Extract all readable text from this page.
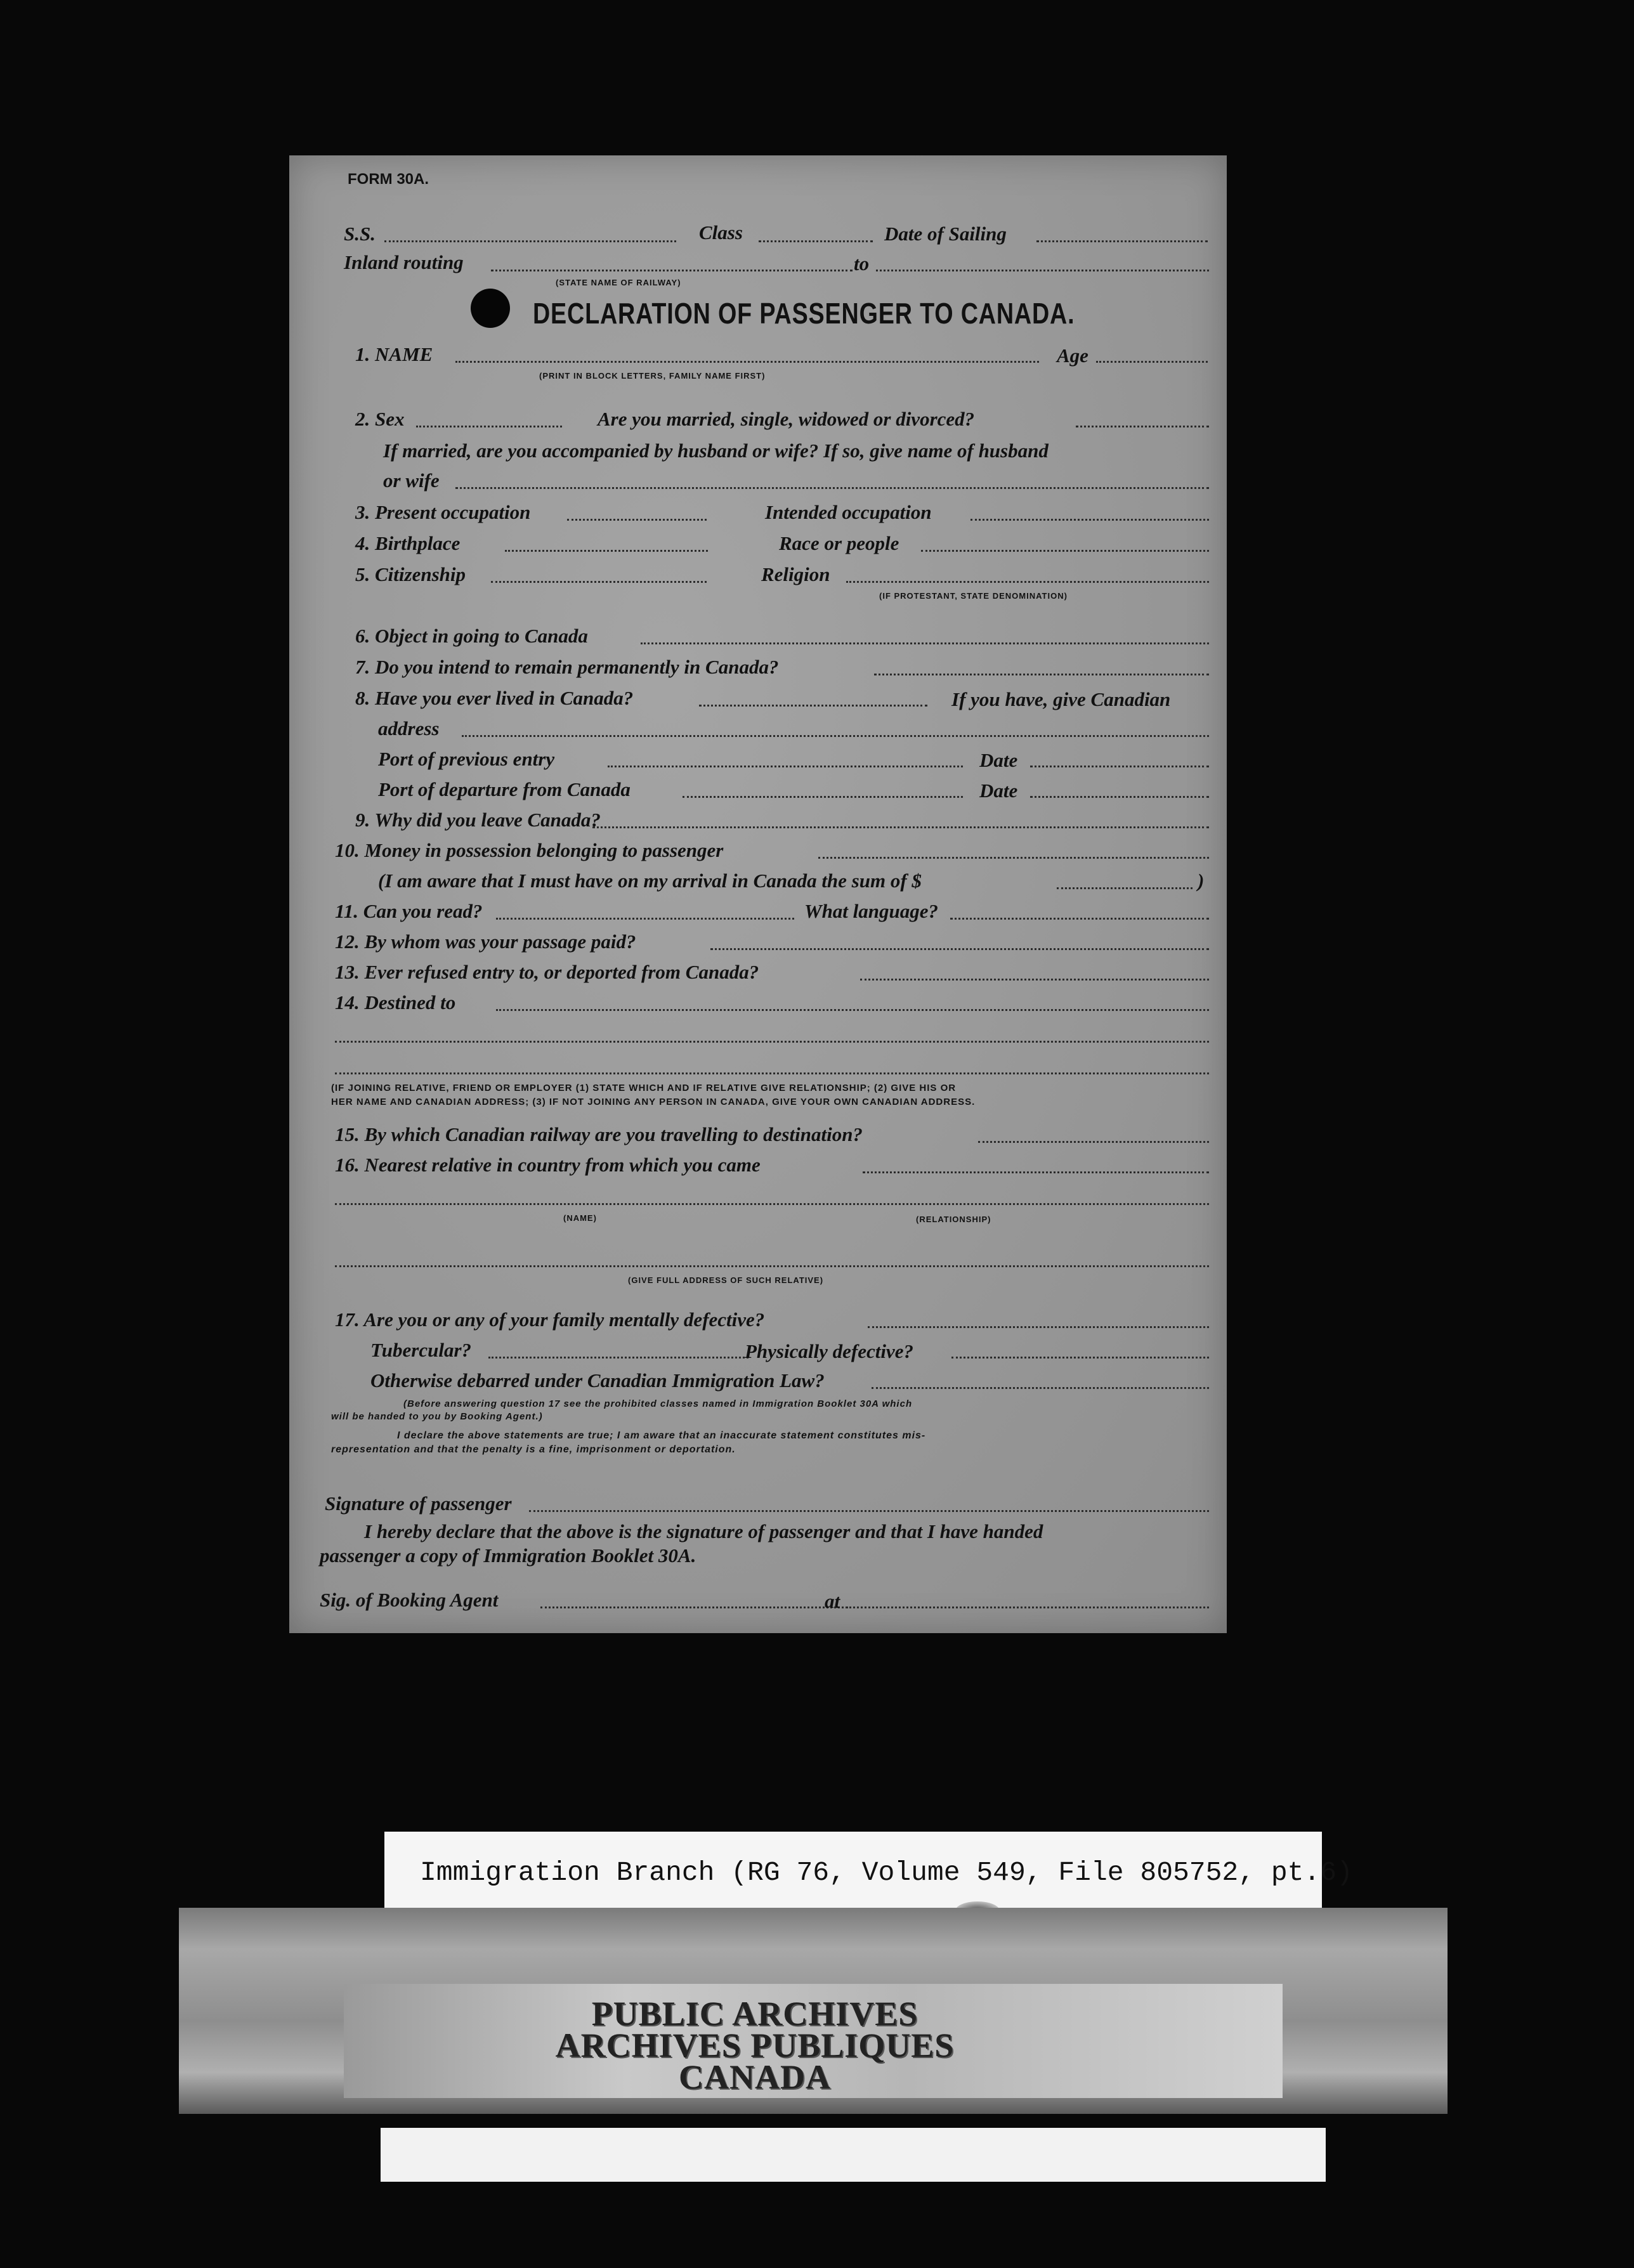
FORM 30A.
S.S.	Class	Date of Sailing
Inland routing	to
(STATE NAME OF RAILWAY)
DECLARATION OF PASSENGER TO CANADA.
1. NAME	Age
(PRINT IN BLOCK LETTERS, FAMILY NAME FIRST)
2. Sex	Are you married, single, widowed or divorced?
If married, are you accompanied by husband or wife? If so, give name of husband
or wife
3. Present occupation	Intended occupation
4. Birthplace	Race or people
5. Citizenship	Religion
(IF PROTESTANT, STATE DENOMINATION)
6. Object in going to Canada
7. Do you intend to remain permanently in Canada?
8. Have you ever lived in Canada?	If you have, give Canadian
address
Port of previous entry	Date
Port of departure from Canada	Date
9. Why did you leave Canada?
10. Money in possession belonging to passenger
(I am aware that I must have on my arrival in Canada the sum of $	)
11. Can you read?	What language?
12. By whom was your passage paid?
13. Ever refused entry to, or deported from Canada?
14. Destined to
(IF JOINING RELATIVE, FRIEND OR EMPLOYER (1) STATE WHICH AND IF RELATIVE GIVE RELATIONSHIP; (2) GIVE HIS OR
HER NAME AND CANADIAN ADDRESS; (3) IF NOT JOINING ANY PERSON IN CANADA, GIVE YOUR OWN CANADIAN ADDRESS.
15. By which Canadian railway are you travelling to destination?
16. Nearest relative in country from which you came
(NAME)	(RELATIONSHIP)
(GIVE FULL ADDRESS OF SUCH RELATIVE)
17. Are you or any of your family mentally defective?
Tubercular?	Physically defective?
Otherwise debarred under Canadian Immigration Law?
(Before answering question 17 see the prohibited classes named in Immigration Booklet 30A which
will be handed to you by Booking Agent.)
I declare the above statements are true; I am aware that an inaccurate statement constitutes mis-
representation and that the penalty is a fine, imprisonment or deportation.
Signature of passenger
I hereby declare that the above is the signature of passenger and that I have handed
passenger a copy of Immigration Booklet 30A.
Sig. of Booking Agent	at
Immigration Branch (RG 76, Volume 549, File 805752, pt.6)
PUBLIC ARCHIVES
ARCHIVES PUBLIQUES
CANADA
